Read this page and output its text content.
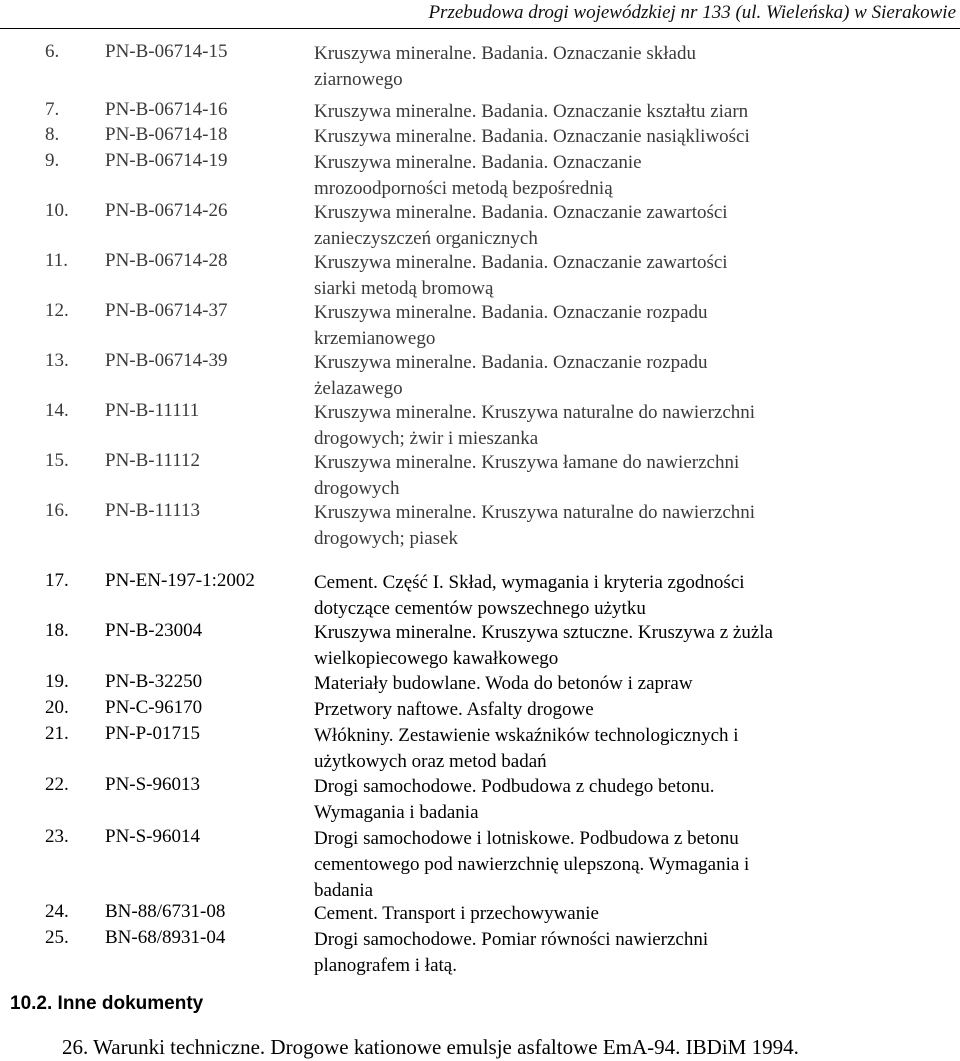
Przebudowa drogi wojewódzkiej nr 133 (ul. Wieleńska) w Sierakowie
6. PN-B-06714-15	Kruszywa mineralne. Badania. Oznaczanie składu
ziarnowego
7. PN-B-06714-16	Kruszywa mineralne. Badania. Oznaczanie kształtu ziarn
8. PN-B-06714-18	Kruszywa mineralne. Badania. Oznaczanie nasiąkliwości
9. PN-B-06714-19	Kruszywa mineralne. Badania. Oznaczanie
mrozoodporności metodą bezpośrednią
10. PN-B-06714-26	Kruszywa mineralne. Badania. Oznaczanie zawartości
zanieczyszczeń organicznych
11. PN-B-06714-28	Kruszywa mineralne. Badania. Oznaczanie zawartości
siarki metodą bromową
12. PN-B-06714-37	Kruszywa mineralne. Badania. Oznaczanie rozpadu
krzemianowego
13. PN-B-06714-39	Kruszywa mineralne. Badania. Oznaczanie rozpadu
żelazawego
14. PN-B-11111	Kruszywa mineralne. Kruszywa naturalne do nawierzchni
drogowych; żwir i mieszanka
15. PN-B-11112	Kruszywa mineralne. Kruszywa łamane do nawierzchni
drogowych
16. PN-B-11113	Kruszywa mineralne. Kruszywa naturalne do nawierzchni
drogowych; piasek
17. PN-EN-197-1:2002	Cement. Część I. Skład, wymagania i kryteria zgodności
dotyczące cementów powszechnego użytku
18. PN-B-23004	Kruszywa mineralne. Kruszywa sztuczne. Kruszywa z żużla
wielkopiecowego kawałkowego
19. PN-B-32250	Materiały budowlane. Woda do betonów i zapraw
20. PN-C-96170	Przetwory naftowe. Asfalty drogowe
21. PN-P-01715	Włókniny. Zestawienie wskaźników technologicznych i
użytkowych oraz metod badań
22. PN-S-96013	Drogi samochodowe. Podbudowa z chudego betonu.
Wymagania i badania
23. PN-S-96014	Drogi samochodowe i lotniskowe. Podbudowa z betonu
cementowego pod nawierzchnię ulepszoną. Wymagania i
badania
24. BN-88/6731-08	Cement. Transport i przechowywanie
25. BN-68/8931-04	Drogi samochodowe. Pomiar równości nawierzchni
planografem i łatą.
10.2. Inne dokumenty
26. Warunki techniczne. Drogowe kationowe emulsje asfaltowe EmA-94. IBDiM 1994.
